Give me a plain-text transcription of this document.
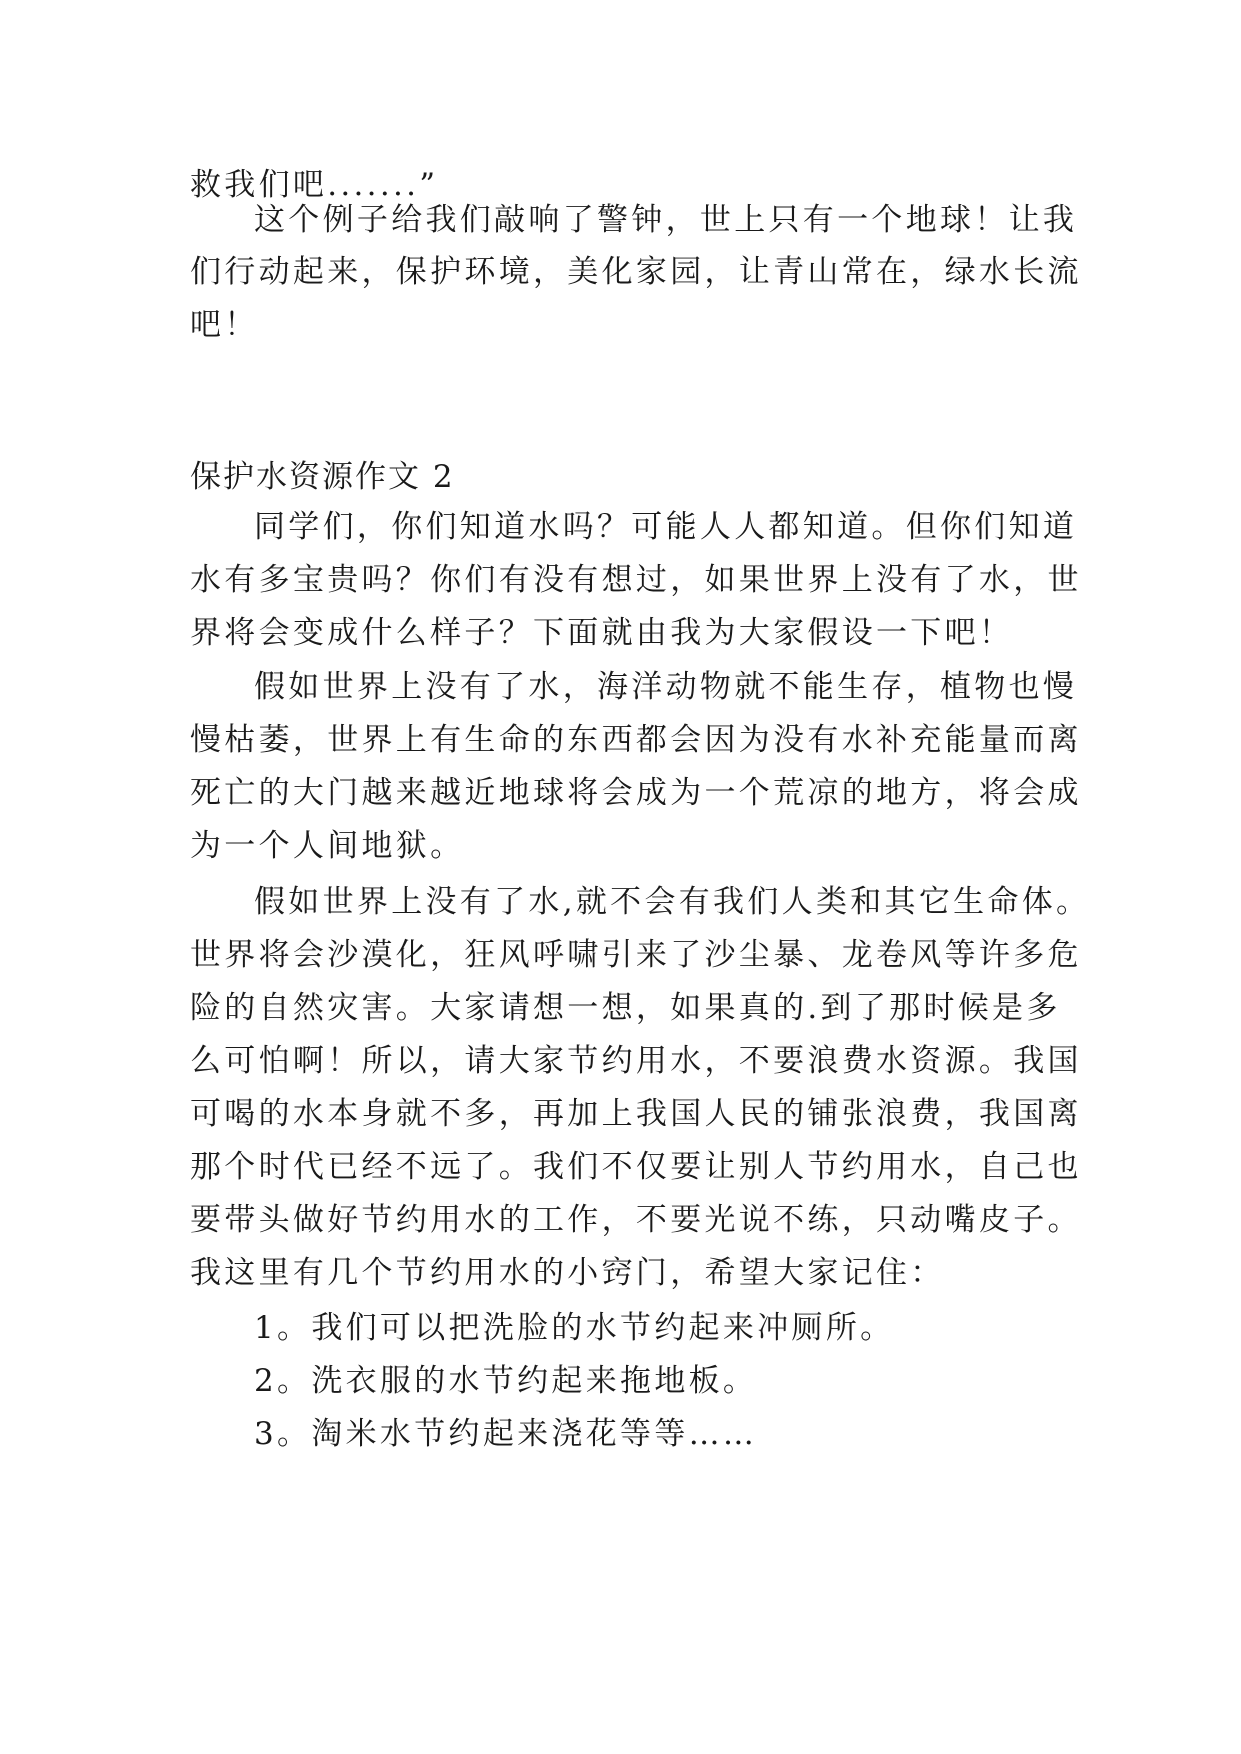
救我们吧.......”
这个例子给我们敲响了警钟，世上只有一个地球！让我
们行动起来，保护环境，美化家园，让青山常在，绿水长流
吧！
保护水资源作文 2
同学们，你们知道水吗？可能人人都知道。但你们知道
水有多宝贵吗？你们有没有想过，如果世界上没有了水，世
界将会变成什么样子？下面就由我为大家假设一下吧！
假如世界上没有了水，海洋动物就不能生存，植物也慢
慢枯萎，世界上有生命的东西都会因为没有水补充能量而离
死亡的大门越来越近地球将会成为一个荒凉的地方，将会成
为一个人间地狱。
假如世界上没有了水,就不会有我们人类和其它生命体。
世界将会沙漠化，狂风呼啸引来了沙尘暴、龙卷风等许多危
险的自然灾害。大家请想一想，如果真的.到了那时候是多
么可怕啊！所以，请大家节约用水，不要浪费水资源。我国
可喝的水本身就不多，再加上我国人民的铺张浪费，我国离
那个时代已经不远了。我们不仅要让别人节约用水，自己也
要带头做好节约用水的工作，不要光说不练，只动嘴皮子。
我这里有几个节约用水的小窍门，希望大家记住：
1。我们可以把洗脸的水节约起来冲厕所。
2。洗衣服的水节约起来拖地板。
3。淘米水节约起来浇花等等……
